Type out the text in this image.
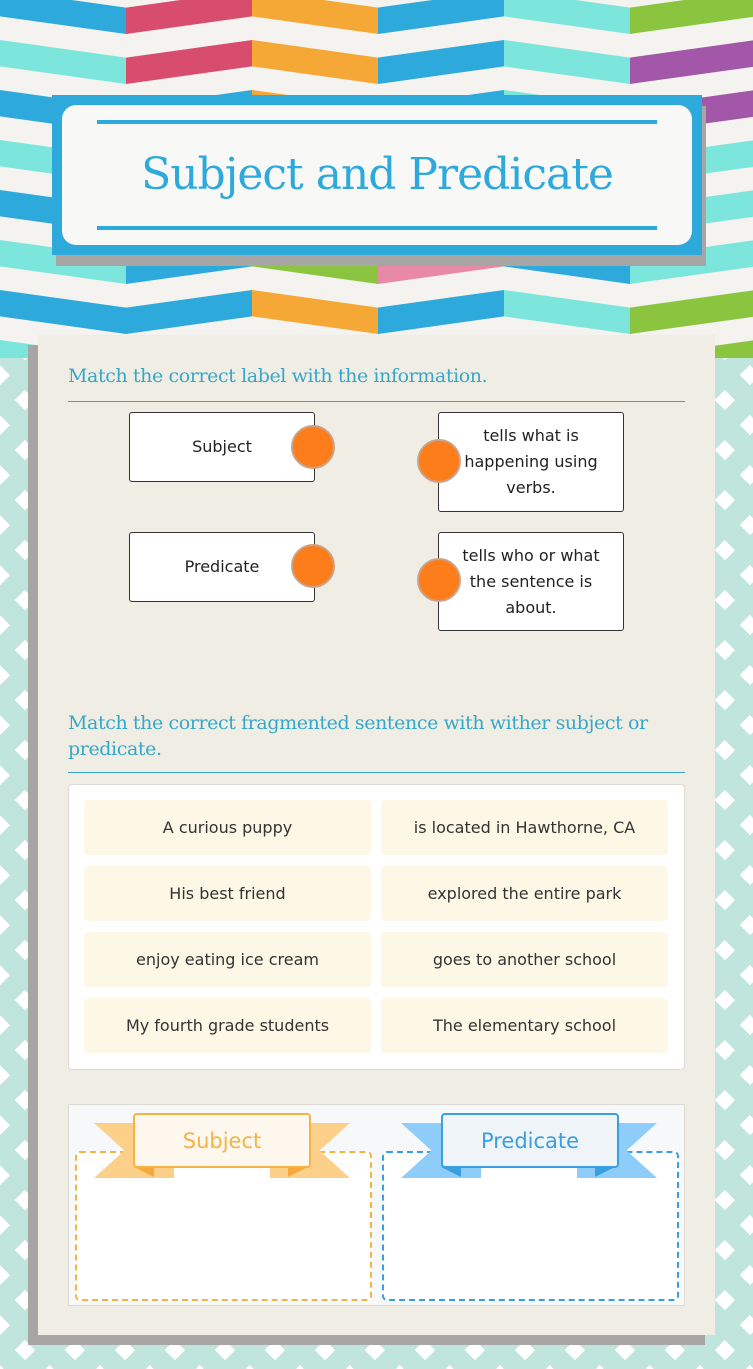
Subject and Predicate
Match the correct label with the information.
Subject
Predicate
tells what is happening using verbs.
tells who or what the sentence is about.
Match the correct fragmented sentence with wither subject or predicate.
A curious puppy	is located in Hawthorne, CA
His best friend	explored the entire park
enjoy eating ice cream	goes to another school
My fourth grade students	The elementary school
Subject	Predicate
